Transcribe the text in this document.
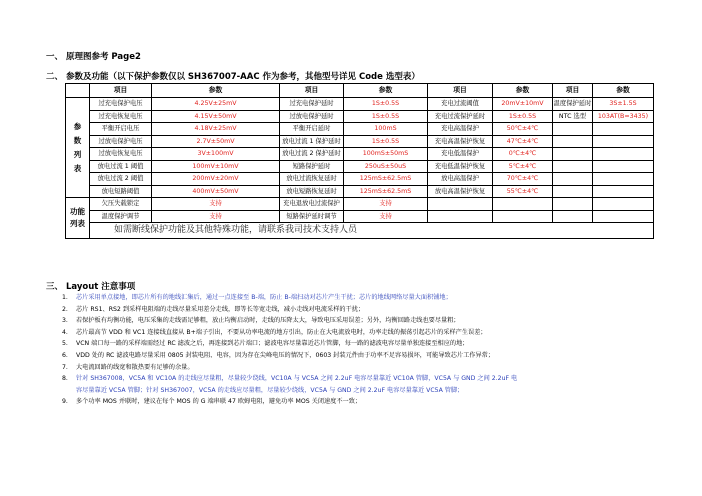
一、 原理图参考 Page2
二、 参数及功能（以下保护参数仅以 SH367007-AAC 作为参考，其他型号详见 Code 选型表）
	项目	参数	项目	参数	项目	参数	项目	参数
参
数
列
表	过充电保护电压	4.25V±25mV	过充电保护延时	1S±0.5S	充电过流阈值	20mV±10mV	温度保护延时	3S±1.5S
	过充电恢复电压	4.15V±50mV	过放电保护延时	1S±0.5S	充电过流保护延时	1S±0.5S	NTC 选型	103AT(B=3435)
	平衡开启电压	4.18V±25mV	平衡开启延时	100mS	充电高温保护	50℃±4℃		
	过放电保护电压	2.7V±50mV	放电过流 1 保护延时	1S±0.5S	充电高温保护恢复	47℃±4℃		
	过放电恢复电压	3V±100mV	放电过流 2 保护延时	100mS±50mS	充电低温保护	0℃±4℃		
	放电过流 1 阈值	100mV±10mV	短路保护延时	250uS±50uS	充电低温保护恢复	5℃±4℃		
	放电过流 2 阈值	200mV±20mV	放电过流恢复延时	125mS±62.5mS	放电高温保护	70℃±4℃		
	放电短路阈值	400mV±50mV	放电短路恢复延时	125mS±62.5mS	放电高温保护恢复	55℃±4℃		
功能
列表	欠压失载锁定	支持	充电退放电过流保护	支持				
	温度保护调节	支持	短路保护延时调节	支持				
	如需断线保护功能及其他特殊功能，请联系我司技术支持人员							
三、 Layout 注意事项
1. 芯片采用单点接地，即芯片所有的地线汇集后，通过一点连接至 B-端，防止 B-端扫动对芯片产生干扰；芯片的地线网络尽量大面积铺地；
2. 芯片 RS1、RS2 到采样电阻端的走线尽量采用差分走线，即等长等宽走线，减小走线对电流采样的干扰；
3. 若保护板有均衡功能，电压采集的走线需足够粗，放止均衡启动时，走线的压降太大，导致电压采用误差；另外，均衡回路走线也要尽量粗；
4. 芯片最高节 VDD 和 VC1 连接线直接从 B+端子引出，不要从功率电流的地方引出，防止在大电流放电时，功率走线的振荡引起芯片的采样产生误差；
5. VCN 端口每一路的采样端需经过 RC 滤波之后，再连接到芯片端口；滤波电容尽量靠近芯片管脚，每一路的滤波电容尽量单独连接至相应的地；
6. VDD 处的 RC 滤波电路尽量采用 0805 封装电阻、电容，因为存在尖峰电压的情况下，0603 封装元件由于功率不足容易损坏，可能导致芯片工作异常；
7. 大电流回路的线宽和散热要有足够的余量。
8. 针对 SH367008，VC5A 和 VC10A 的走线应尽量粗，尽量较少绕线，VC10A 与 VC5A 之间 2.2uF 电容尽量靠近 VC10A 管脚，VC5A 与 GND 之间 2.2uF 电
容尽量靠近 VC5A 管脚；针对 SH367007，VC5A 的走线应尽量粗，尽量较少绕线，VC5A 与 GND 之间 2.2uF 电容尽量靠近 VC5A 管脚；
9. 多个功率 MOS 并联时，建议在每个 MOS 的 G 端串联 47 欧姆电阻，避免功率 MOS 关闭速度不一致；
